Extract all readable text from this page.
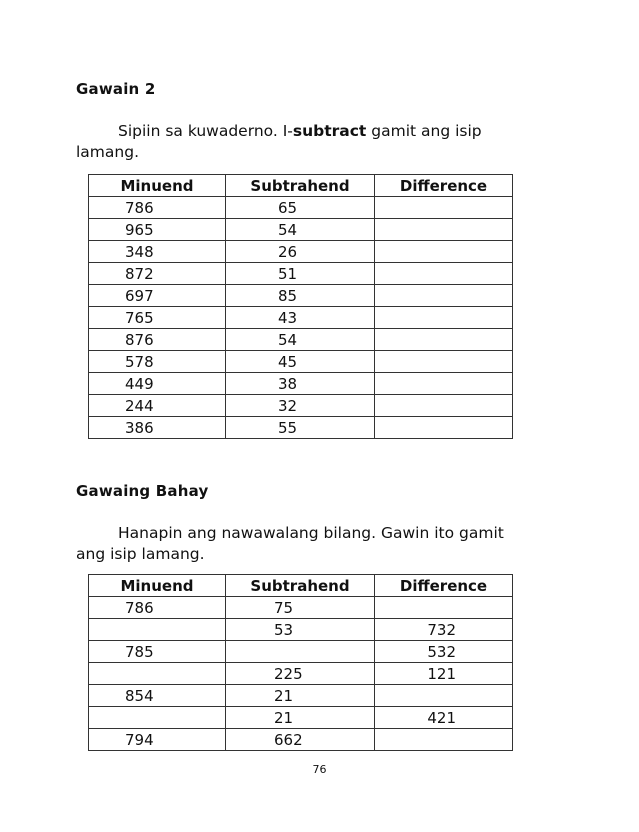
Gawain 2
Sipiin sa kuwaderno. I-subtract gamit ang isip lamang.
Minuend	Subtrahend	Difference
786	65	
965	54	
348	26	
872	51	
697	85	
765	43	
876	54	
578	45	
449	38	
244	32	
386	55	
Gawaing Bahay
Hanapin ang nawawalang bilang. Gawin ito gamit ang isip lamang.
Minuend	Subtrahend	Difference
786	75	
	53	732
785		532
	225	121
854	21	
	21	421
794	662	
76
